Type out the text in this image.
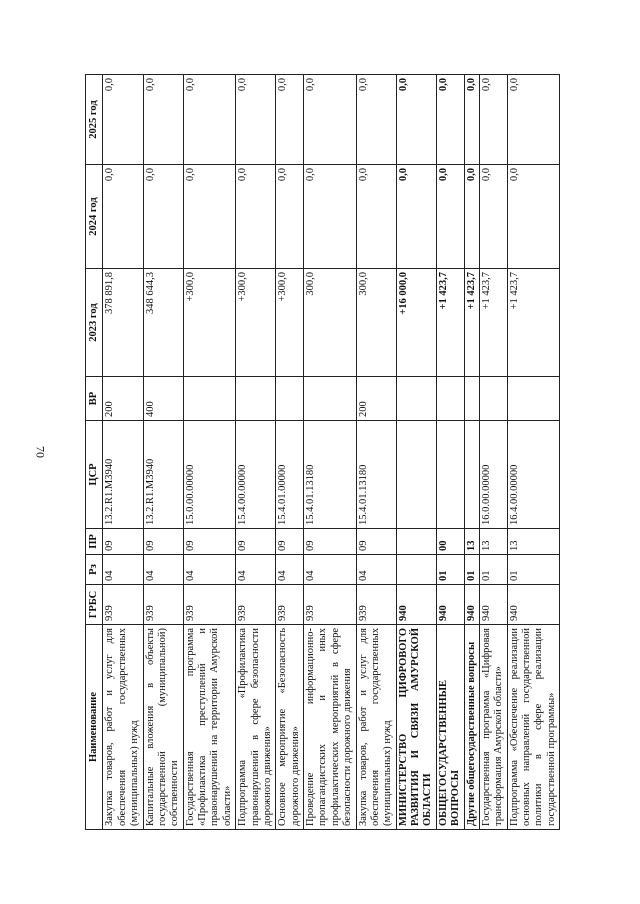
70
Наименование	ГРБС	Рз	ПР	ЦСР	ВР	2023 год	2024 год	2025 год
Закупка товаров, работ и услуг для обеспечения государственных (муниципальных) нужд	939	04	09	13.2.R1.M3940	200	378 891,8	0,0	0,0
Капитальные вложения в объекты государственной (муниципальной) собственности	939	04	09	13.2.R1.M3940	400	348 644,3	0,0	0,0
Государственная программа «Профилактика преступлений и правонарушений на территории Амурской области»	939	04	09	15.0.00.00000		+300,0	0,0	0,0
Подпрограмма «Профилактика правонарушений в сфере безопасности дорожного движения»	939	04	09	15.4.00.00000		+300,0	0,0	0,0
Основное мероприятие «Безопасность дорожного движения»	939	04	09	15.4.01.00000		+300,0	0,0	0,0
Проведение информационно-пропагандистских и иных профилактических мероприятий в сфере безопасности дорожного движения	939	04	09	15.4.01.13180		300,0	0,0	0,0
Закупка товаров, работ и услуг для обеспечения государственных (муниципальных) нужд	939	04	09	15.4.01.13180	200	300,0	0,0	0,0
МИНИСТЕРСТВО ЦИФРОВОГО РАЗВИТИЯ И СВЯЗИ АМУРСКОЙ ОБЛАСТИ	940					+16 000,0	0,0	0,0
ОБЩЕГОСУДАРСТВЕННЫЕ ВОПРОСЫ	940	01	00			+1 423,7	0,0	0,0
Другие общегосударственные вопросы	940	01	13			+1 423,7	0,0	0,0
Государственная программа «Цифровая трансформация Амурской области»	940	01	13	16.0.00.00000		+1 423,7	0,0	0,0
Подпрограмма «Обеспечение реализации основных направлений государственной политики в сфере реализации государственной программы»	940	01	13	16.4.00.00000		+1 423,7	0,0	0,0
